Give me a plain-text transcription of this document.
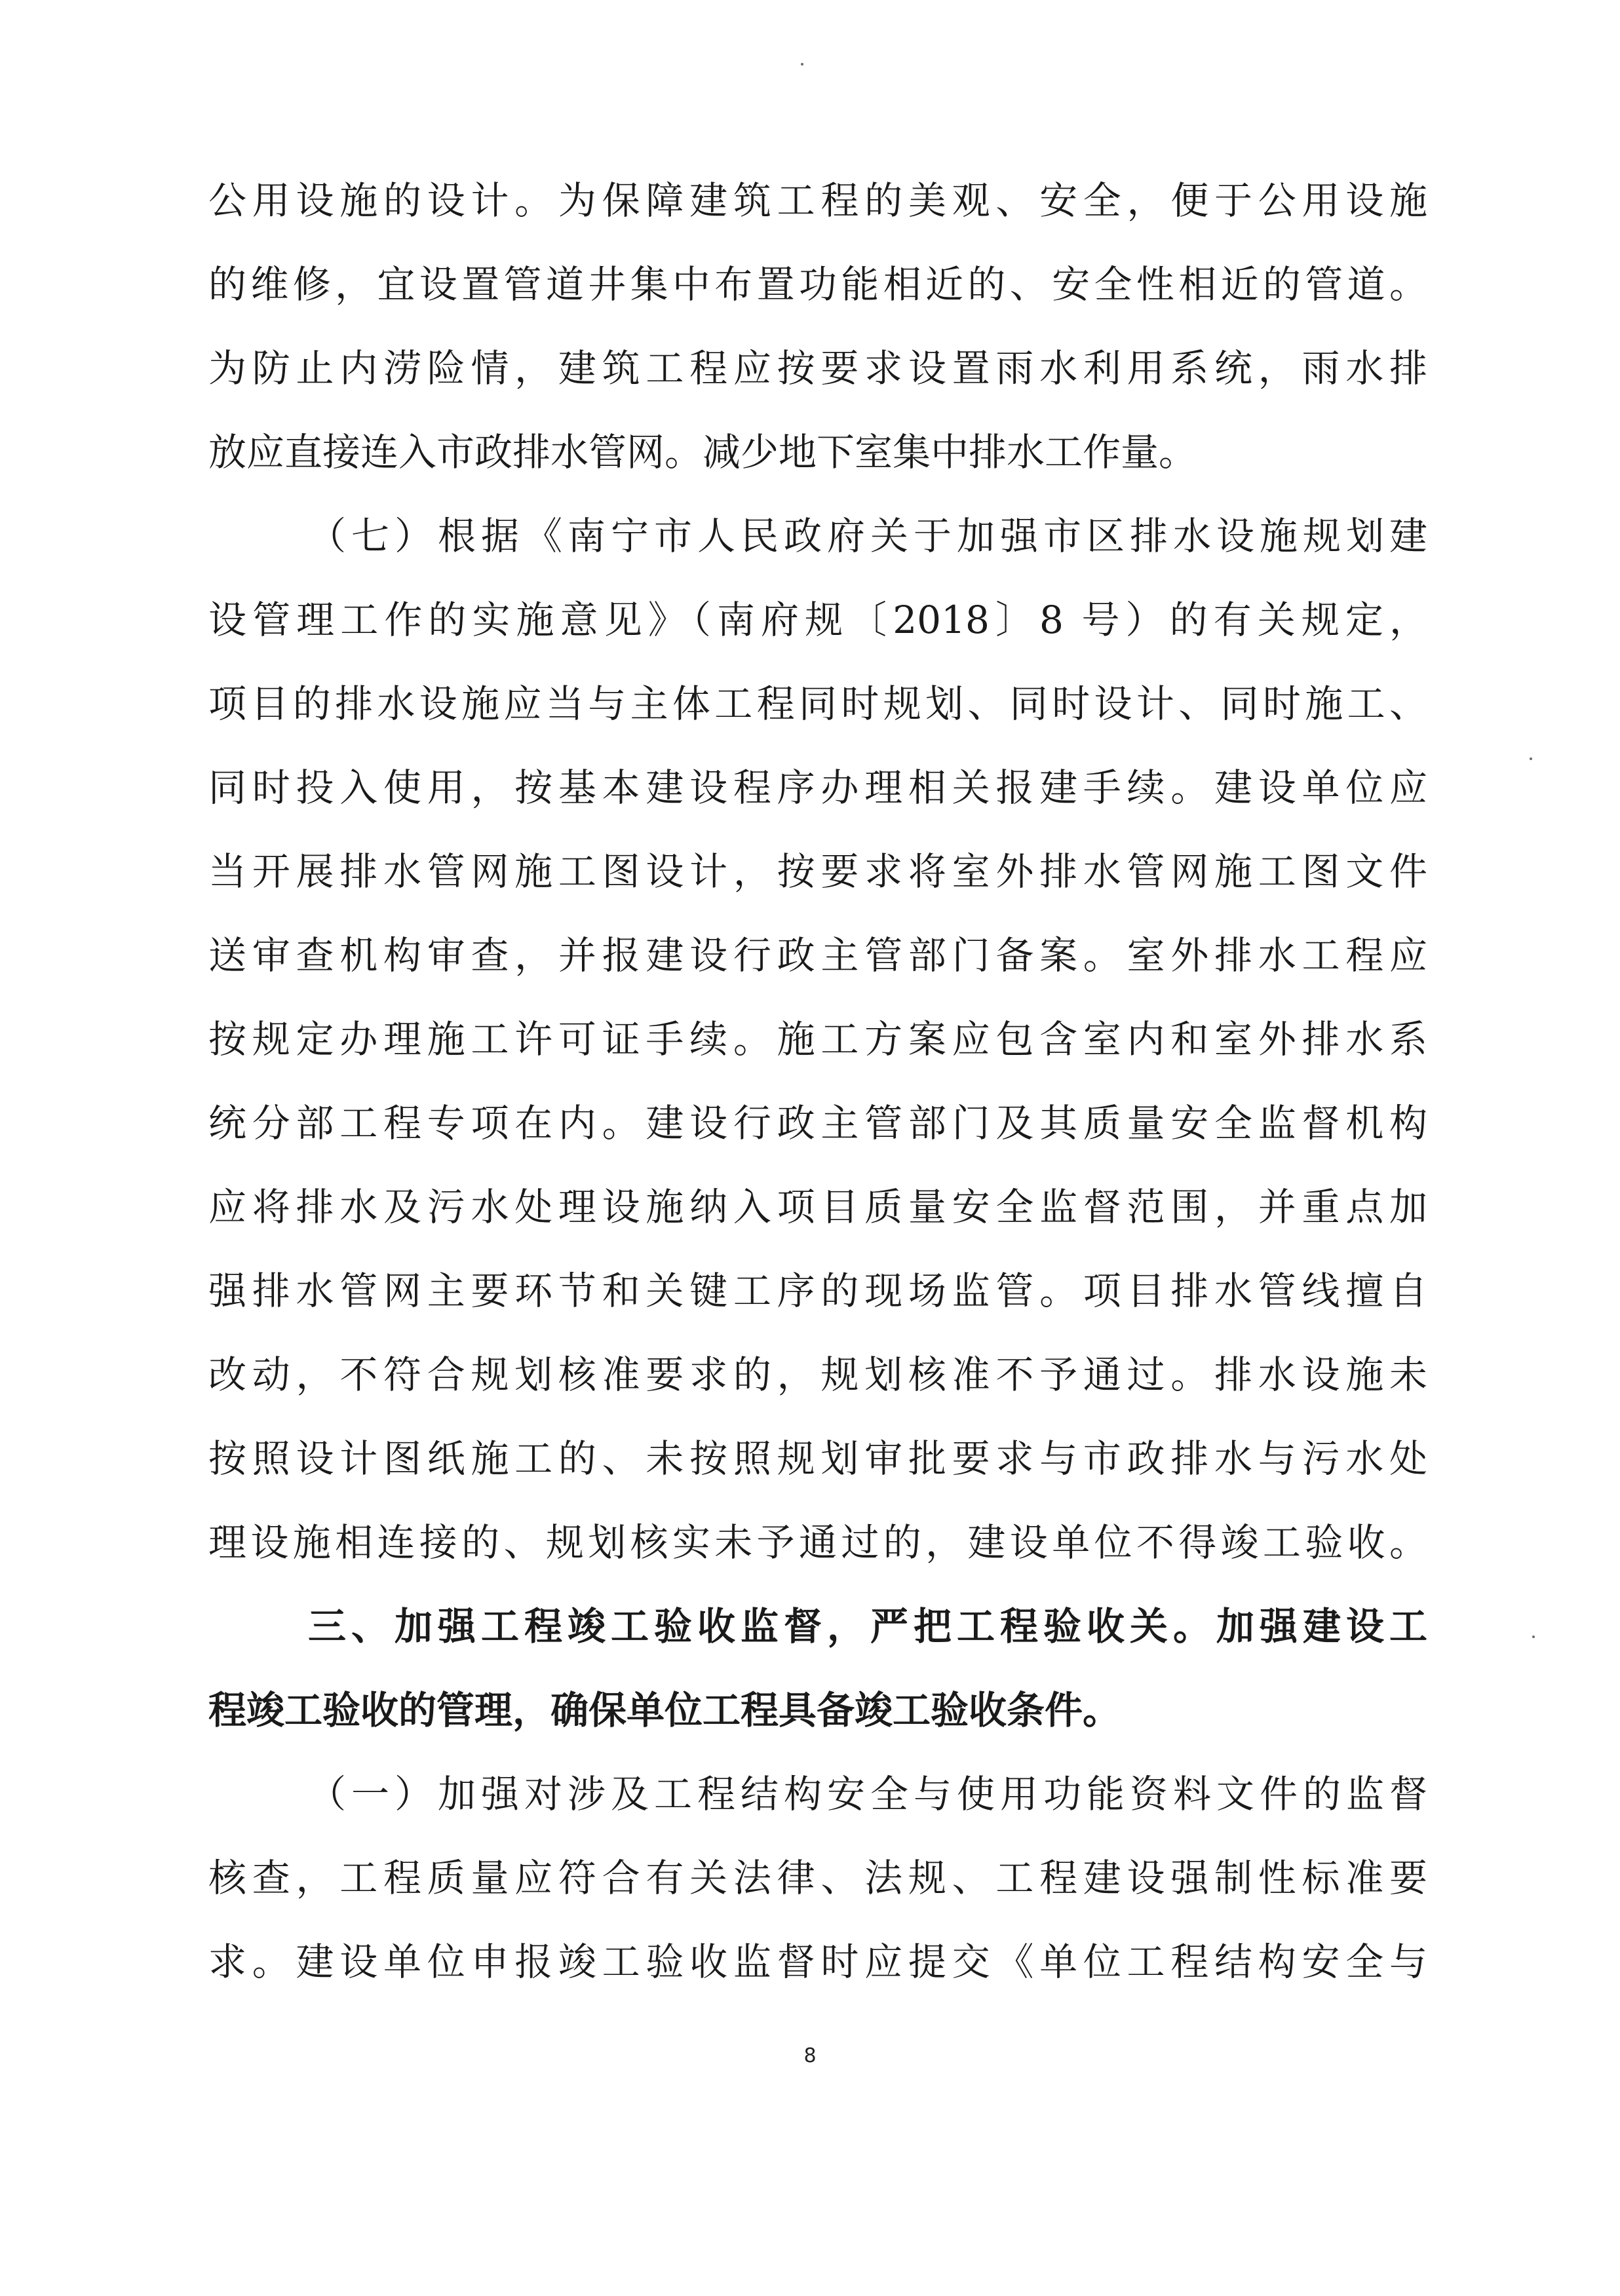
公用设施的设计。为保障建筑工程的美观、安全，便于公用设施
的维修，宜设置管道井集中布置功能相近的、安全性相近的管道。
为防止内涝险情，建筑工程应按要求设置雨水利用系统，雨水排
放应直接连入市政排水管网。减少地下室集中排水工作量。
（七）根据《南宁市人民政府关于加强市区排水设施规划建
设管理工作的实施意见》（南府规〔2018〕8 号）的有关规定，
项目的排水设施应当与主体工程同时规划、同时设计、同时施工、
同时投入使用，按基本建设程序办理相关报建手续。建设单位应
当开展排水管网施工图设计，按要求将室外排水管网施工图文件
送审查机构审查，并报建设行政主管部门备案。室外排水工程应
按规定办理施工许可证手续。施工方案应包含室内和室外排水系
统分部工程专项在内。建设行政主管部门及其质量安全监督机构
应将排水及污水处理设施纳入项目质量安全监督范围，并重点加
强排水管网主要环节和关键工序的现场监管。项目排水管线擅自
改动，不符合规划核准要求的，规划核准不予通过。排水设施未
按照设计图纸施工的、未按照规划审批要求与市政排水与污水处
理设施相连接的、规划核实未予通过的，建设单位不得竣工验收。
三、加强工程竣工验收监督，严把工程验收关。加强建设工
程竣工验收的管理，确保单位工程具备竣工验收条件。
（一）加强对涉及工程结构安全与使用功能资料文件的监督
8
核查，工程质量应符合有关法律、法规、工程建设强制性标准要
求。建设单位申报竣工验收监督时应提交《单位工程结构安全与
